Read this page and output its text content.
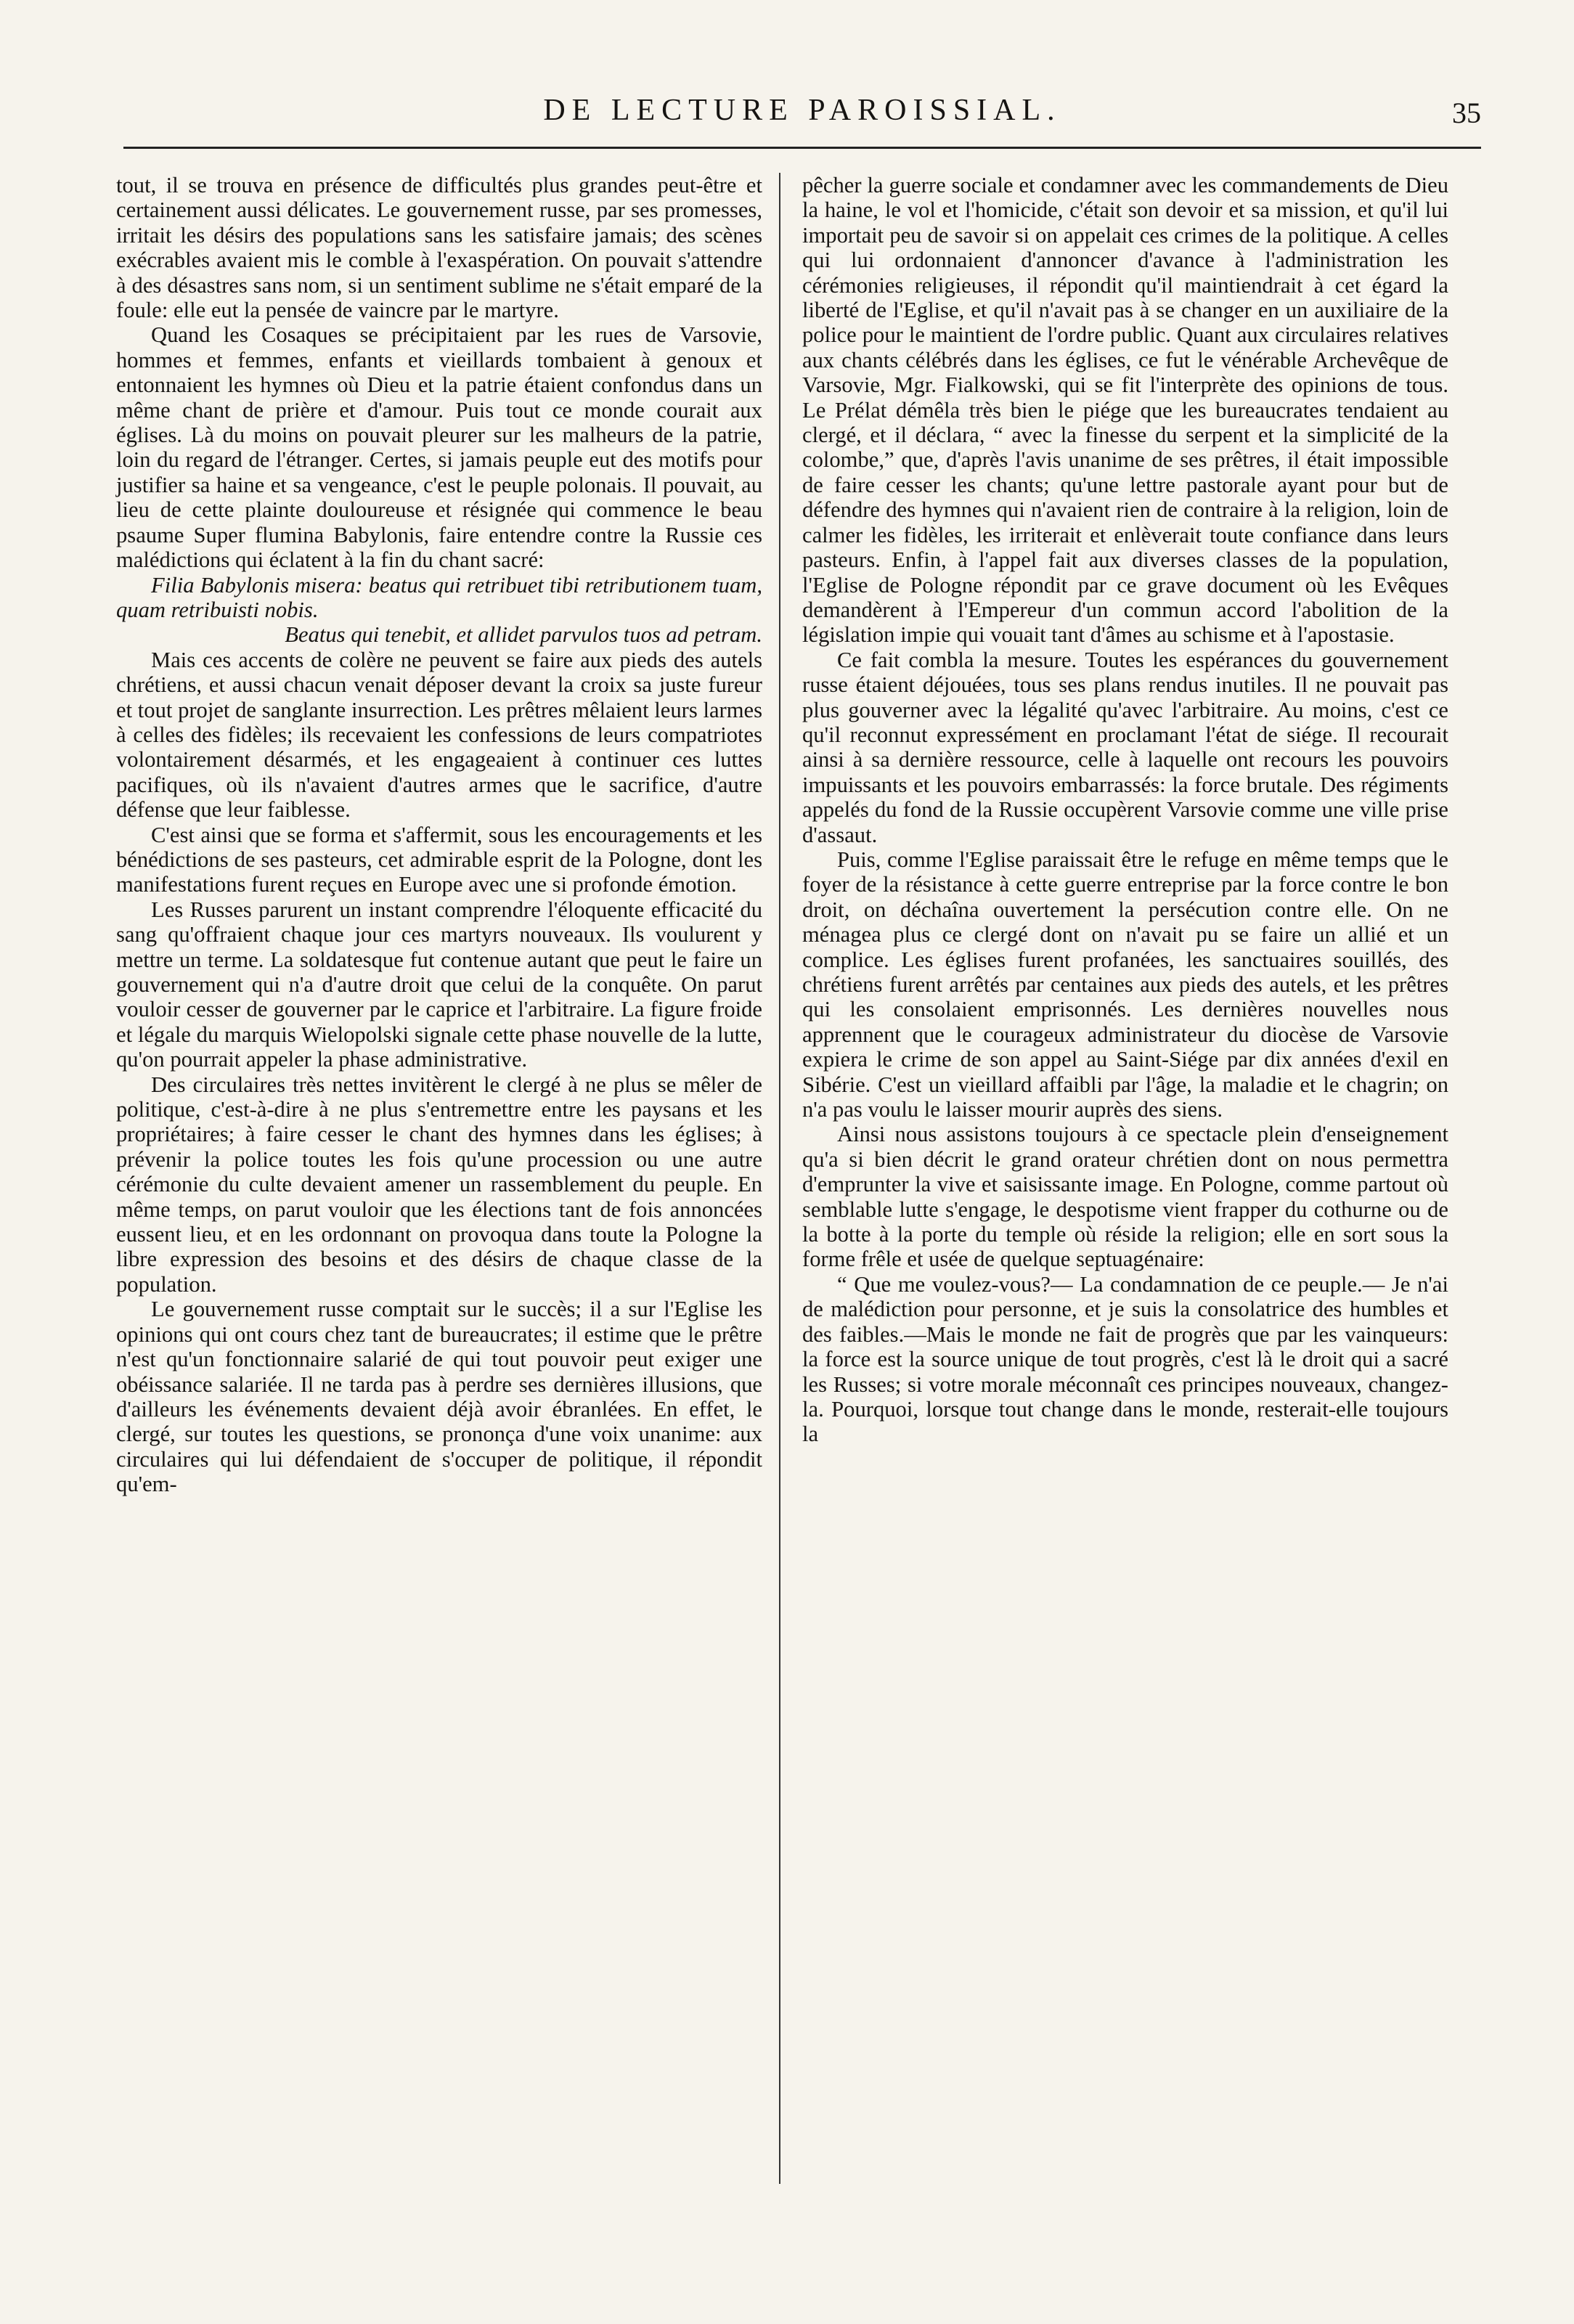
DE LECTURE PAROISSIAL.	35

tout, il se trouva en présence de difficultés plus grandes peut-être et certainement aussi délicates. Le gouvernement russe, par ses promesses, irritait les désirs des populations sans les satisfaire jamais; des scènes exécrables avaient mis le comble à l'exaspération. On pouvait s'attendre à des désastres sans nom, si un sentiment sublime ne s'était emparé de la foule: elle eut la pensée de vaincre par le martyre.

Quand les Cosaques se précipitaient par les rues de Varsovie, hommes et femmes, enfants et vieillards tombaient à genoux et entonnaient les hymnes où Dieu et la patrie étaient confondus dans un même chant de prière et d'amour. Puis tout ce monde courait aux églises. Là du moins on pouvait pleurer sur les malheurs de la patrie, loin du regard de l'étranger. Certes, si jamais peuple eut des motifs pour justifier sa haine et sa vengeance, c'est le peuple polonais. Il pouvait, au lieu de cette plainte douloureuse et résignée qui commence le beau psaume Super flumina Babylonis, faire entendre contre la Russie ces malédictions qui éclatent à la fin du chant sacré:

Filia Babylonis misera: beatus qui retribuet tibi retributionem tuam, quam retribuisti nobis.

Beatus qui tenebit, et allidet parvulos tuos ad petram.

Mais ces accents de colère ne peuvent se faire aux pieds des autels chrétiens, et aussi chacun venait déposer devant la croix sa juste fureur et tout projet de sanglante insurrection. Les prêtres mêlaient leurs larmes à celles des fidèles; ils recevaient les confessions de leurs compatriotes volontairement désarmés, et les engageaient à continuer ces luttes pacifiques, où ils n'avaient d'autres armes que le sacrifice, d'autre défense que leur faiblesse.

C'est ainsi que se forma et s'affermit, sous les encouragements et les bénédictions de ses pasteurs, cet admirable esprit de la Pologne, dont les manifestations furent reçues en Europe avec une si profonde émotion.

Les Russes parurent un instant comprendre l'éloquente efficacité du sang qu'offraient chaque jour ces martyrs nouveaux. Ils voulurent y mettre un terme. La soldatesque fut contenue autant que peut le faire un gouvernement qui n'a d'autre droit que celui de la conquête. On parut vouloir cesser de gouverner par le caprice et l'arbitraire. La figure froide et légale du marquis Wielopolski signale cette phase nouvelle de la lutte, qu'on pourrait appeler la phase administrative.

Des circulaires très nettes invitèrent le clergé à ne plus se mêler de politique, c'est-à-dire à ne plus s'entremettre entre les paysans et les propriétaires; à faire cesser le chant des hymnes dans les églises; à prévenir la police toutes les fois qu'une procession ou une autre cérémonie du culte devaient amener un rassemblement du peuple. En même temps, on parut vouloir que les élections tant de fois annoncées eussent lieu, et en les ordonnant on provoqua dans toute la Pologne la libre expression des besoins et des désirs de chaque classe de la population.

Le gouvernement russe comptait sur le succès; il a sur l'Eglise les opinions qui ont cours chez tant de bureaucrates; il estime que le prêtre n'est qu'un fonctionnaire salarié de qui tout pouvoir peut exiger une obéissance salariée. Il ne tarda pas à perdre ses dernières illusions, que d'ailleurs les événements devaient déjà avoir ébranlées. En effet, le clergé, sur toutes les questions, se prononça d'une voix unanime: aux circulaires qui lui défendaient de s'occuper de politique, il répondit qu'em-

pêcher la guerre sociale et condamner avec les commandements de Dieu la haine, le vol et l'homicide, c'était son devoir et sa mission, et qu'il lui importait peu de savoir si on appelait ces crimes de la politique. A celles qui lui ordonnaient d'annoncer d'avance à l'administration les cérémonies religieuses, il répondit qu'il maintiendrait à cet égard la liberté de l'Eglise, et qu'il n'avait pas à se changer en un auxiliaire de la police pour le maintient de l'ordre public. Quant aux circulaires relatives aux chants célébrés dans les églises, ce fut le vénérable Archevêque de Varsovie, Mgr. Fialkowski, qui se fit l'interprète des opinions de tous. Le Prélat démêla très bien le piége que les bureaucrates tendaient au clergé, et il déclara, “ avec la finesse du serpent et la simplicité de la colombe,” que, d'après l'avis unanime de ses prêtres, il était impossible de faire cesser les chants; qu'une lettre pastorale ayant pour but de défendre des hymnes qui n'avaient rien de contraire à la religion, loin de calmer les fidèles, les irriterait et enlèverait toute confiance dans leurs pasteurs. Enfin, à l'appel fait aux diverses classes de la population, l'Eglise de Pologne répondit par ce grave document où les Evêques demandèrent à l'Empereur d'un commun accord l'abolition de la législation impie qui vouait tant d'âmes au schisme et à l'apostasie.

Ce fait combla la mesure. Toutes les espérances du gouvernement russe étaient déjouées, tous ses plans rendus inutiles. Il ne pouvait pas plus gouverner avec la légalité qu'avec l'arbitraire. Au moins, c'est ce qu'il reconnut expressément en proclamant l'état de siége. Il recourait ainsi à sa dernière ressource, celle à laquelle ont recours les pouvoirs impuissants et les pouvoirs embarrassés: la force brutale. Des régiments appelés du fond de la Russie occupèrent Varsovie comme une ville prise d'assaut.

Puis, comme l'Eglise paraissait être le refuge en même temps que le foyer de la résistance à cette guerre entreprise par la force contre le bon droit, on déchaîna ouvertement la persécution contre elle. On ne ménagea plus ce clergé dont on n'avait pu se faire un allié et un complice. Les églises furent profanées, les sanctuaires souillés, des chrétiens furent arrêtés par centaines aux pieds des autels, et les prêtres qui les consolaient emprisonnés. Les dernières nouvelles nous apprennent que le courageux administrateur du diocèse de Varsovie expiera le crime de son appel au Saint-Siége par dix années d'exil en Sibérie. C'est un vieillard affaibli par l'âge, la maladie et le chagrin; on n'a pas voulu le laisser mourir auprès des siens.

Ainsi nous assistons toujours à ce spectacle plein d'enseignement qu'a si bien décrit le grand orateur chrétien dont on nous permettra d'emprunter la vive et saisissante image. En Pologne, comme partout où semblable lutte s'engage, le despotisme vient frapper du cothurne ou de la botte à la porte du temple où réside la religion; elle en sort sous la forme frêle et usée de quelque septuagénaire:

“ Que me voulez-vous?— La condamnation de ce peuple.— Je n'ai de malédiction pour personne, et je suis la consolatrice des humbles et des faibles.—Mais le monde ne fait de progrès que par les vainqueurs: la force est la source unique de tout progrès, c'est là le droit qui a sacré les Russes; si votre morale méconnaît ces principes nouveaux, changez-la. Pourquoi, lorsque tout change dans le monde, resterait-elle toujours la
